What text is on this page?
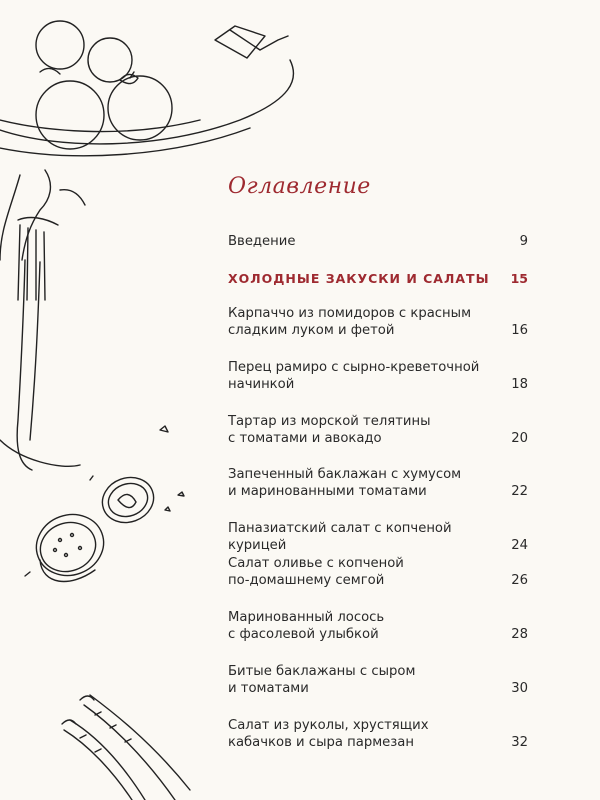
Оглавление
Введение	9
ХОЛОДНЫЕ ЗАКУСКИ И САЛАТЫ 15
Карпаччо из помидоров с красным
сладким луком и фетой	16
Перец рамиро с сырно-креветочной
начинкой	18
Тартар из морской телятины
с томатами и авокадо	20
Запеченный баклажан с хумусом
и маринованными томатами	22
Паназиатский салат с копченой курицей	24
Салат оливье с копченой
по-домашнему семгой	26
Маринованный лосось
с фасолевой улыбкой	28
Битые баклажаны с сыром
и томатами	30
Салат из руколы, хрустящих
кабачков и сыра пармезан	32
